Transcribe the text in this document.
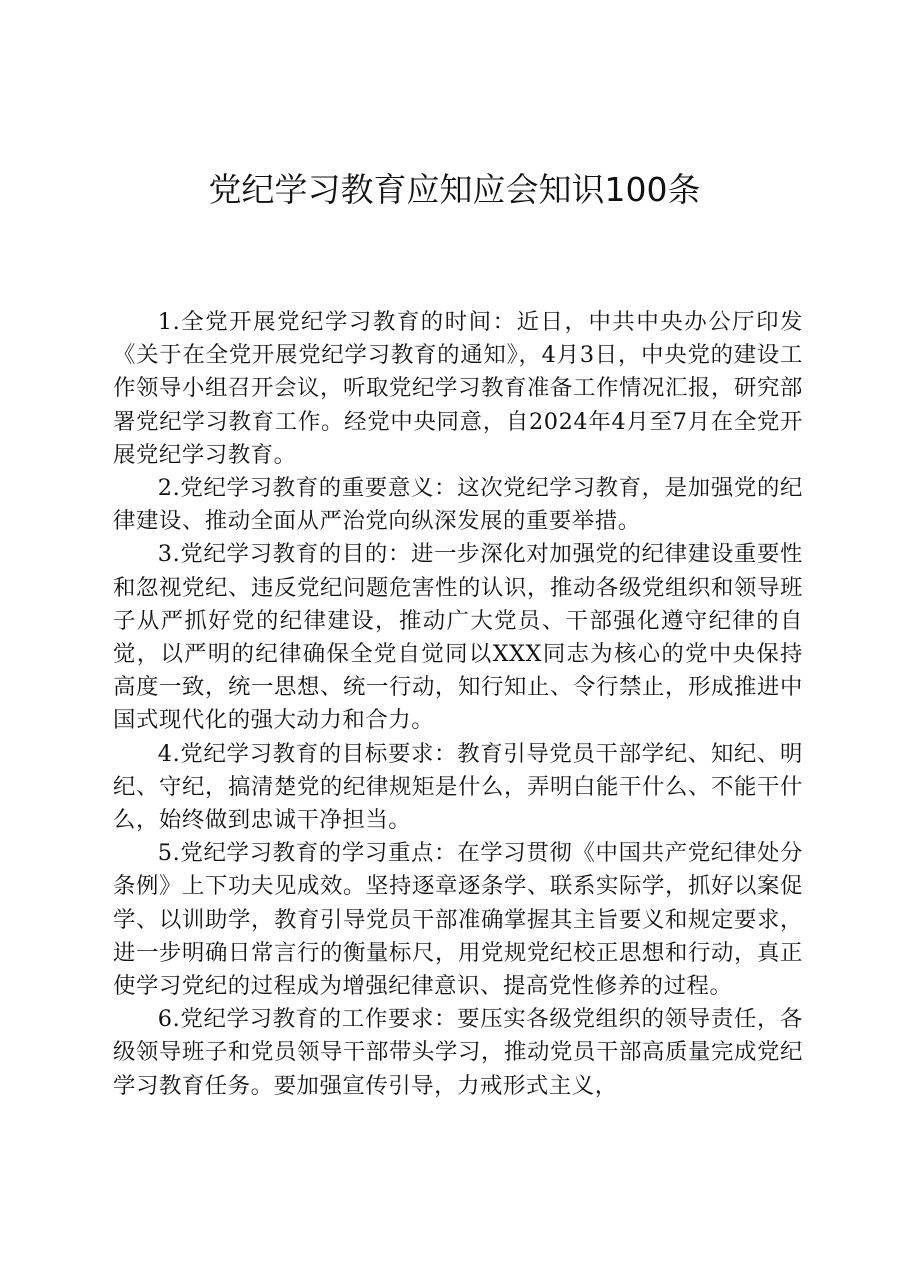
党纪学习教育应知应会知识100条

1.全党开展党纪学习教育的时间：近日，中共中央办公厅印发《关于在全党开展党纪学习教育的通知》，4月3日，中央党的建设工作领导小组召开会议，听取党纪学习教育准备工作情况汇报，研究部署党纪学习教育工作。经党中央同意，自2024年4月至7月在全党开展党纪学习教育。

2.党纪学习教育的重要意义：这次党纪学习教育，是加强党的纪律建设、推动全面从严治党向纵深发展的重要举措。

3.党纪学习教育的目的：进一步深化对加强党的纪律建设重要性和忽视党纪、违反党纪问题危害性的认识，推动各级党组织和领导班子从严抓好党的纪律建设，推动广大党员、干部强化遵守纪律的自觉，以严明的纪律确保全党自觉同以XXX同志为核心的党中央保持高度一致，统一思想、统一行动，知行知止、令行禁止，形成推进中国式现代化的强大动力和合力。

4.党纪学习教育的目标要求：教育引导党员干部学纪、知纪、明纪、守纪，搞清楚党的纪律规矩是什么，弄明白能干什么、不能干什么，始终做到忠诚干净担当。

5.党纪学习教育的学习重点：在学习贯彻《中国共产党纪律处分条例》上下功夫见成效。坚持逐章逐条学、联系实际学，抓好以案促学、以训助学，教育引导党员干部准确掌握其主旨要义和规定要求，进一步明确日常言行的衡量标尺，用党规党纪校正思想和行动，真正使学习党纪的过程成为增强纪律意识、提高党性修养的过程。

6.党纪学习教育的工作要求：要压实各级党组织的领导责任，各级领导班子和党员领导干部带头学习，推动党员干部高质量完成党纪学习教育任务。要加强宣传引导，力戒形式主义，
